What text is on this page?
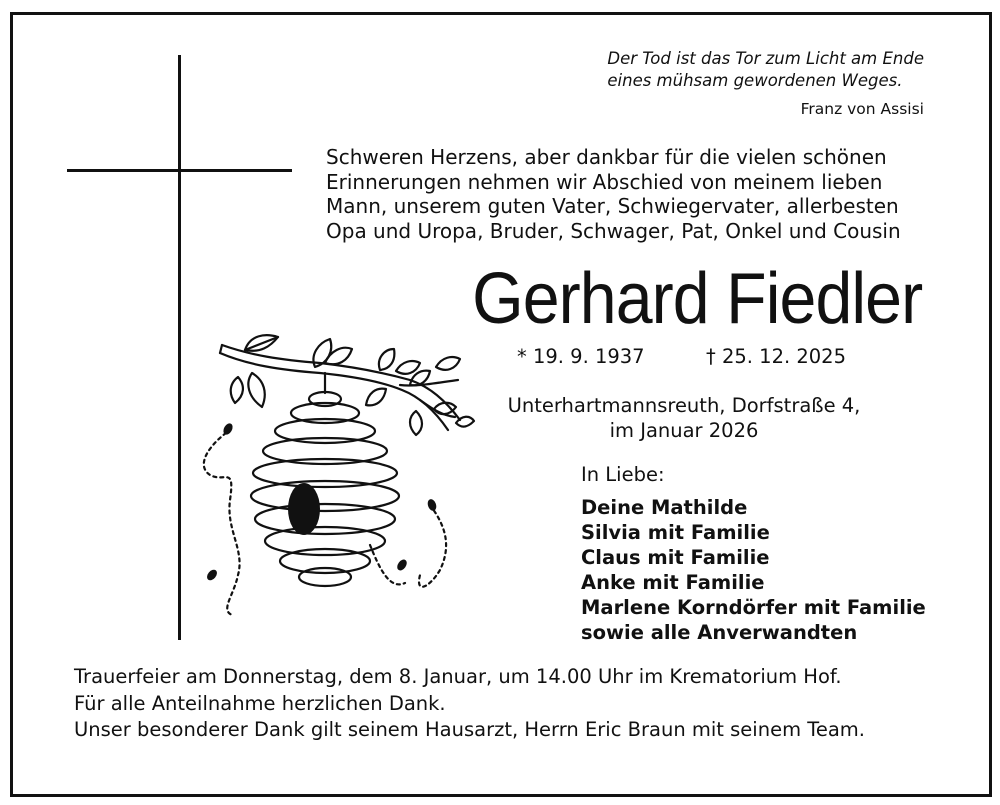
Der Tod ist das Tor zum Licht am Ende
eines mühsam gewordenen Weges.
Franz von Assisi
Schweren Herzens, aber dankbar für die vielen schönen
Erinnerungen nehmen wir Abschied von meinem lieben
Mann, unserem guten Vater, Schwiegervater, allerbesten
Opa und Uropa, Bruder, Schwager, Pat, Onkel und Cousin
Gerhard Fiedler
* 19. 9. 1937	† 25. 12. 2025
Unterhartmannsreuth, Dorfstraße 4,
im Januar 2026
In Liebe:
Deine Mathilde
Silvia mit Familie
Claus mit Familie
Anke mit Familie
Marlene Korndörfer mit Familie
sowie alle Anverwandten
Trauerfeier am Donnerstag, dem 8. Januar, um 14.00 Uhr im Krematorium Hof.
Für alle Anteilnahme herzlichen Dank.
Unser besonderer Dank gilt seinem Hausarzt, Herrn Eric Braun mit seinem Team.
